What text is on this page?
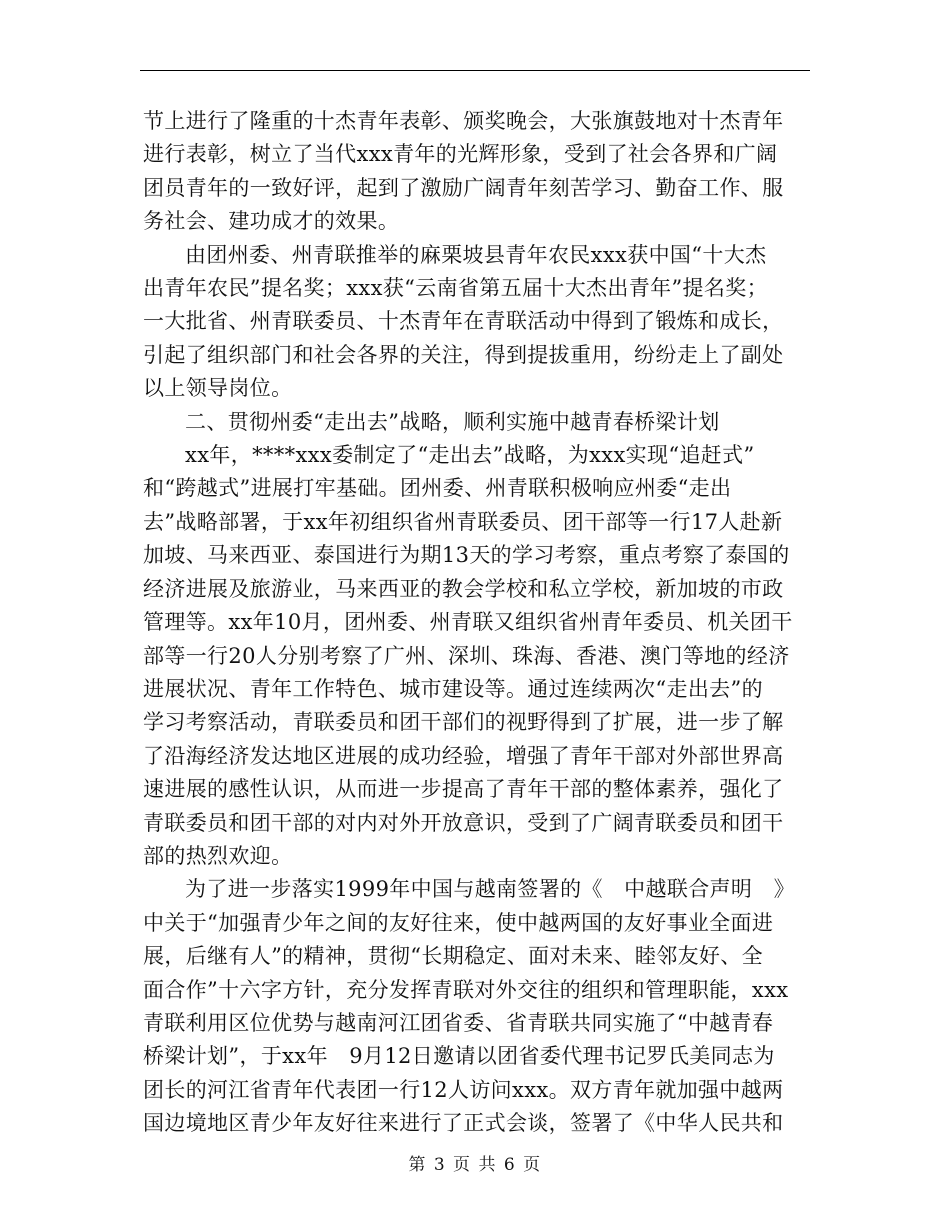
节上进行了隆重的十杰青年表彰、颁奖晚会，大张旗鼓地对十杰青年
进行表彰，树立了当代xxx青年的光辉形象，受到了社会各界和广阔
团员青年的一致好评，起到了激励广阔青年刻苦学习、勤奋工作、服
务社会、建功成才的效果。

由团州委、州青联推举的麻栗坡县青年农民xxx获中国“十大杰
出青年农民”提名奖；xxx获“云南省第五届十大杰出青年”提名奖；
一大批省、州青联委员、十杰青年在青联活动中得到了锻炼和成长，
引起了组织部门和社会各界的关注，得到提拔重用，纷纷走上了副处
以上领导岗位。

二、贯彻州委“走出去”战略，顺利实施中越青春桥梁计划

xx年，****xxx委制定了“走出去”战略，为xxx实现“追赶式”
和“跨越式”进展打牢基础。团州委、州青联积极响应州委“走出
去”战略部署，于xx年初组织省州青联委员、团干部等一行17人赴新
加坡、马来西亚、泰国进行为期13天的学习考察，重点考察了泰国的
经济进展及旅游业，马来西亚的教会学校和私立学校，新加坡的市政
管理等。xx年10月，团州委、州青联又组织省州青年委员、机关团干
部等一行20人分别考察了广州、深圳、珠海、香港、澳门等地的经济
进展状况、青年工作特色、城市建设等。通过连续两次“走出去”的
学习考察活动，青联委员和团干部们的视野得到了扩展，进一步了解
了沿海经济发达地区进展的成功经验，增强了青年干部对外部世界高
速进展的感性认识，从而进一步提高了青年干部的整体素养，强化了
青联委员和团干部的对内对外开放意识，受到了广阔青联委员和团干
部的热烈欢迎。

为了进一步落实1999年中国与越南签署的《　中越联合声明　》
中关于“加强青少年之间的友好往来，使中越两国的友好事业全面进
展，后继有人”的精神，贯彻“长期稳定、面对未来、睦邻友好、全
面合作”十六字方针，充分发挥青联对外交往的组织和管理职能，xxx
青联利用区位优势与越南河江团省委、省青联共同实施了“中越青春
桥梁计划”，于xx年　9月12日邀请以团省委代理书记罗氏美同志为
团长的河江省青年代表团一行12人访问xxx。双方青年就加强中越两
国边境地区青少年友好往来进行了正式会谈，签署了《中华人民共和

第 3 页 共 6 页
